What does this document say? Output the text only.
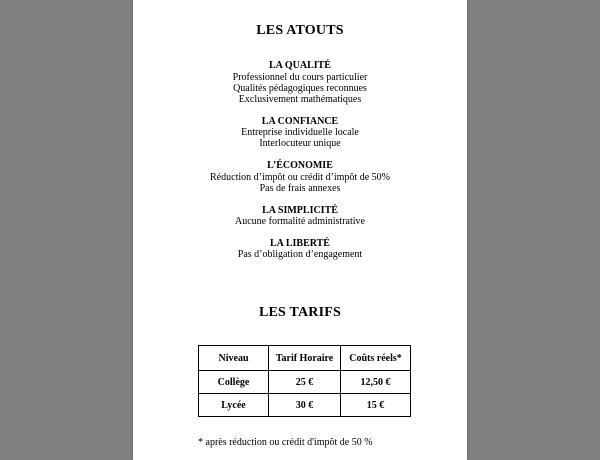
LES ATOUTS
LA QUALITÉ
Professionnel du cours particulier
Qualités pédagogiques reconnues
Exclusivement mathématiques
LA CONFIANCE
Entreprise individuelle locale
Interlocuteur unique
L’ÉCONOMIE
Réduction d’impôt ou crédit d’impôt de 50%
Pas de frais annexes
LA SIMPLICITÉ
Aucune formalité administrative
LA LIBERTÉ
Pas d’obligation d’engagement
LES TARIFS
Niveau	Tarif Horaire	Coûts réels*
Collège	25 €	12,50 €
Lycée	30 €	15 €
* après réduction ou crédit d'impôt de 50 %
